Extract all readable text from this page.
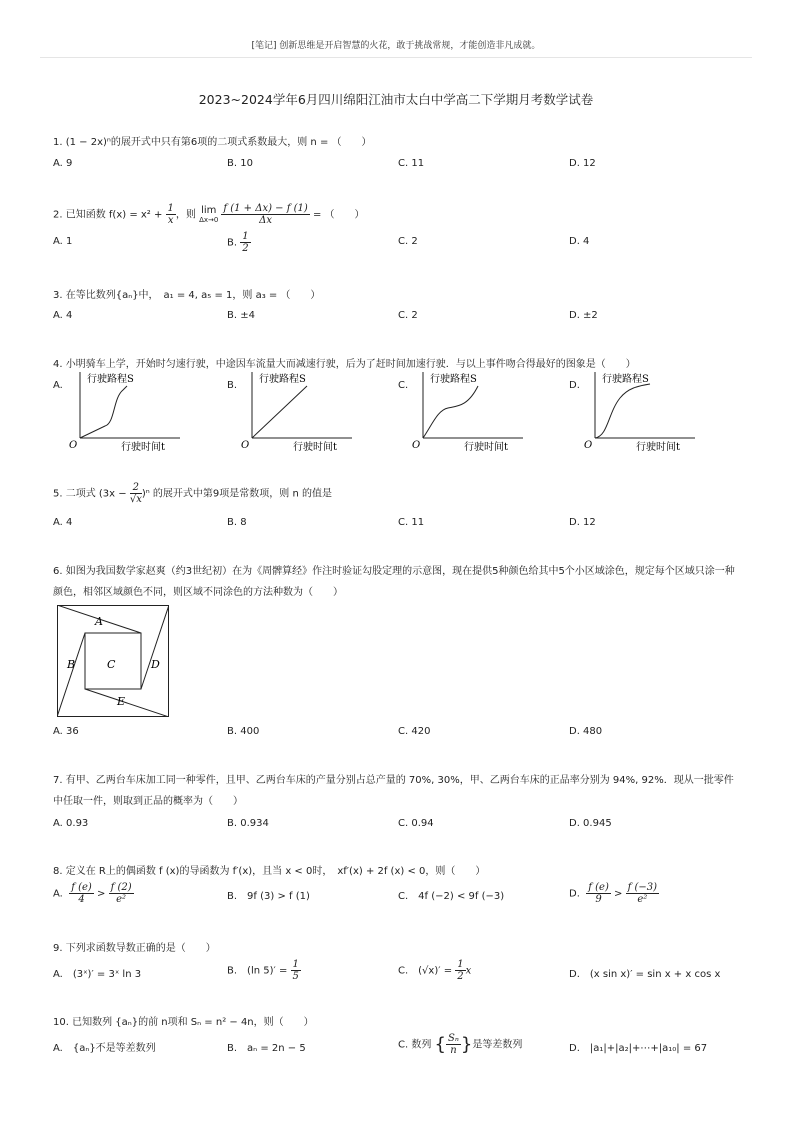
[笔记] 创新思维是开启智慧的火花，敢于挑战常规，才能创造非凡成就。
2023~2024学年6月四川绵阳江油市太白中学高二下学期月考数学试卷
1. (1 − 2x)ⁿ的展开式中只有第6项的二项式系数最大，则 n = （　　）
A. 9	B. 10	C. 11	D. 12
2. 已知函数 $f(x) = x^2 + \frac{1}{x}$ ，则 lim
$\Delta x\to 0 \frac{f (1 + \Delta x) - f (1)}{\Delta x}$ = （　　）
A. 1	B. $\frac{1}{2}$	C. 2	D. 4
3. 在等比数列{aₙ}中，　a₁ = 4, a₅ = 1，则 a₃ = （　　）
A. 4	B. ±4	C. 2	D. ±2
4. 小明骑车上学，开始时匀速行驶，中途因车流量大而减速行驶，后为了赶时间加速行驶．与以上事件吻合得最好的图象是（　　）
A.	B.	C.	D.
行驶路程S
行驶时间t
O
行驶路程S
行驶时间t
O
行驶路程S
行驶时间t
O
行驶路程S
行驶时间t
O
5. 二项式 $(3x - \frac{2}{√x} )^n$ 的展开式中第9项是常数项，则 n 的值是
A. 4	B. 8	C. 11	D. 12
6. 如图为我国数学家赵爽（约3世纪初）在为《周髀算经》作注时验证勾股定理的示意图，现在提供5种颜色给其中5个小区域涂色，规定每个区域只涂一种颜色，相邻区域颜色不同，则区域不同涂色的方法种数为（　　）
A
B	C	D
E
A. 36	B. 400	C. 420	D. 480
7. 有甲、乙两台车床加工同一种零件，且甲、乙两台车床的产量分别占总产量的 70%, 30%，甲、乙两台车床的正品率分别为 94%, 92%．现从一批零件中任取一件，则取到正品的概率为（　　）
A. 0.93	B. 0.934	C. 0.94	D. 0.945
8. 定义在 R上的偶函数 f (x)的导函数为 f′(x)，且当 x < 0时，　xf′(x) + 2f (x) < 0，则（　　）
A. $\frac{f (e)}{4} > \frac{f (2)}{\text{e²}}$	B.　9f (3) > f (1)	C.　4f (−2) < 9f (−3)	D. $\frac{f (e)}{9} > \frac{f (-3)}{\text{e²}}$
9. 下列求函数导数正确的是（　　）
A.　(3ˣ)′ = 3ˣ ln 3	B.　(ln $5)' = \frac{1}{5}$	C.　$(√x)' = \frac{1}{2}$ x	D.　(x sin x)′ = sin x + x cos x
10. 已知数列 {aₙ}的前 n项和 Sₙ = n² − 4n，则（　　）
A.　{aₙ}不是等差数列	B.　aₙ = 2n − 5	C. 数列 { $\frac{\text{Sₙ}}{n}$ }是等差数列	D.　|a₁|+|a₂|+⋯+|a₁₀| = 67
